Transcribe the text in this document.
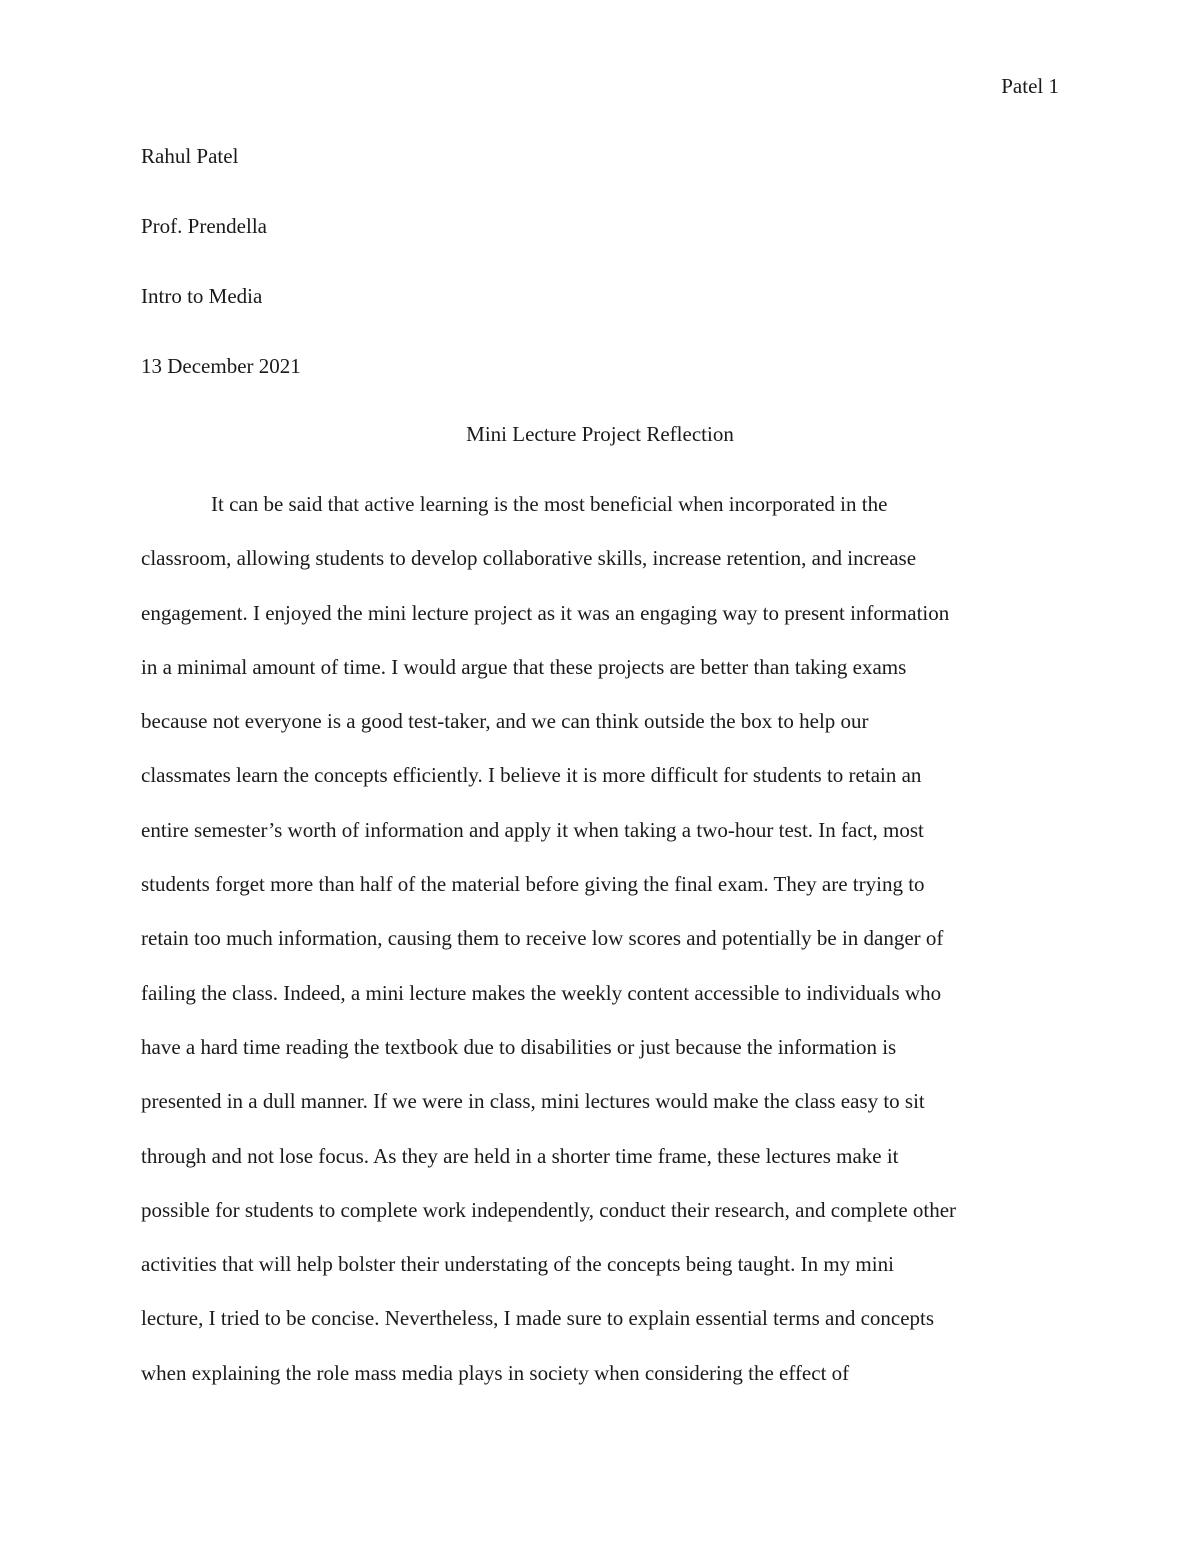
Patel 1
Rahul Patel
Prof. Prendella
Intro to Media
13 December 2021
Mini Lecture Project Reflection
It can be said that active learning is the most beneficial when incorporated in the
classroom, allowing students to develop collaborative skills, increase retention, and increase
engagement. I enjoyed the mini lecture project as it was an engaging way to present information
in a minimal amount of time. I would argue that these projects are better than taking exams
because not everyone is a good test-taker, and we can think outside the box to help our
classmates learn the concepts efficiently. I believe it is more difficult for students to retain an
entire semester’s worth of information and apply it when taking a two-hour test. In fact, most
students forget more than half of the material before giving the final exam. They are trying to
retain too much information, causing them to receive low scores and potentially be in danger of
failing the class. Indeed, a mini lecture makes the weekly content accessible to individuals who
have a hard time reading the textbook due to disabilities or just because the information is
presented in a dull manner. If we were in class, mini lectures would make the class easy to sit
through and not lose focus. As they are held in a shorter time frame, these lectures make it
possible for students to complete work independently, conduct their research, and complete other
activities that will help bolster their understating of the concepts being taught. In my mini
lecture, I tried to be concise. Nevertheless, I made sure to explain essential terms and concepts
when explaining the role mass media plays in society when considering the effect of
